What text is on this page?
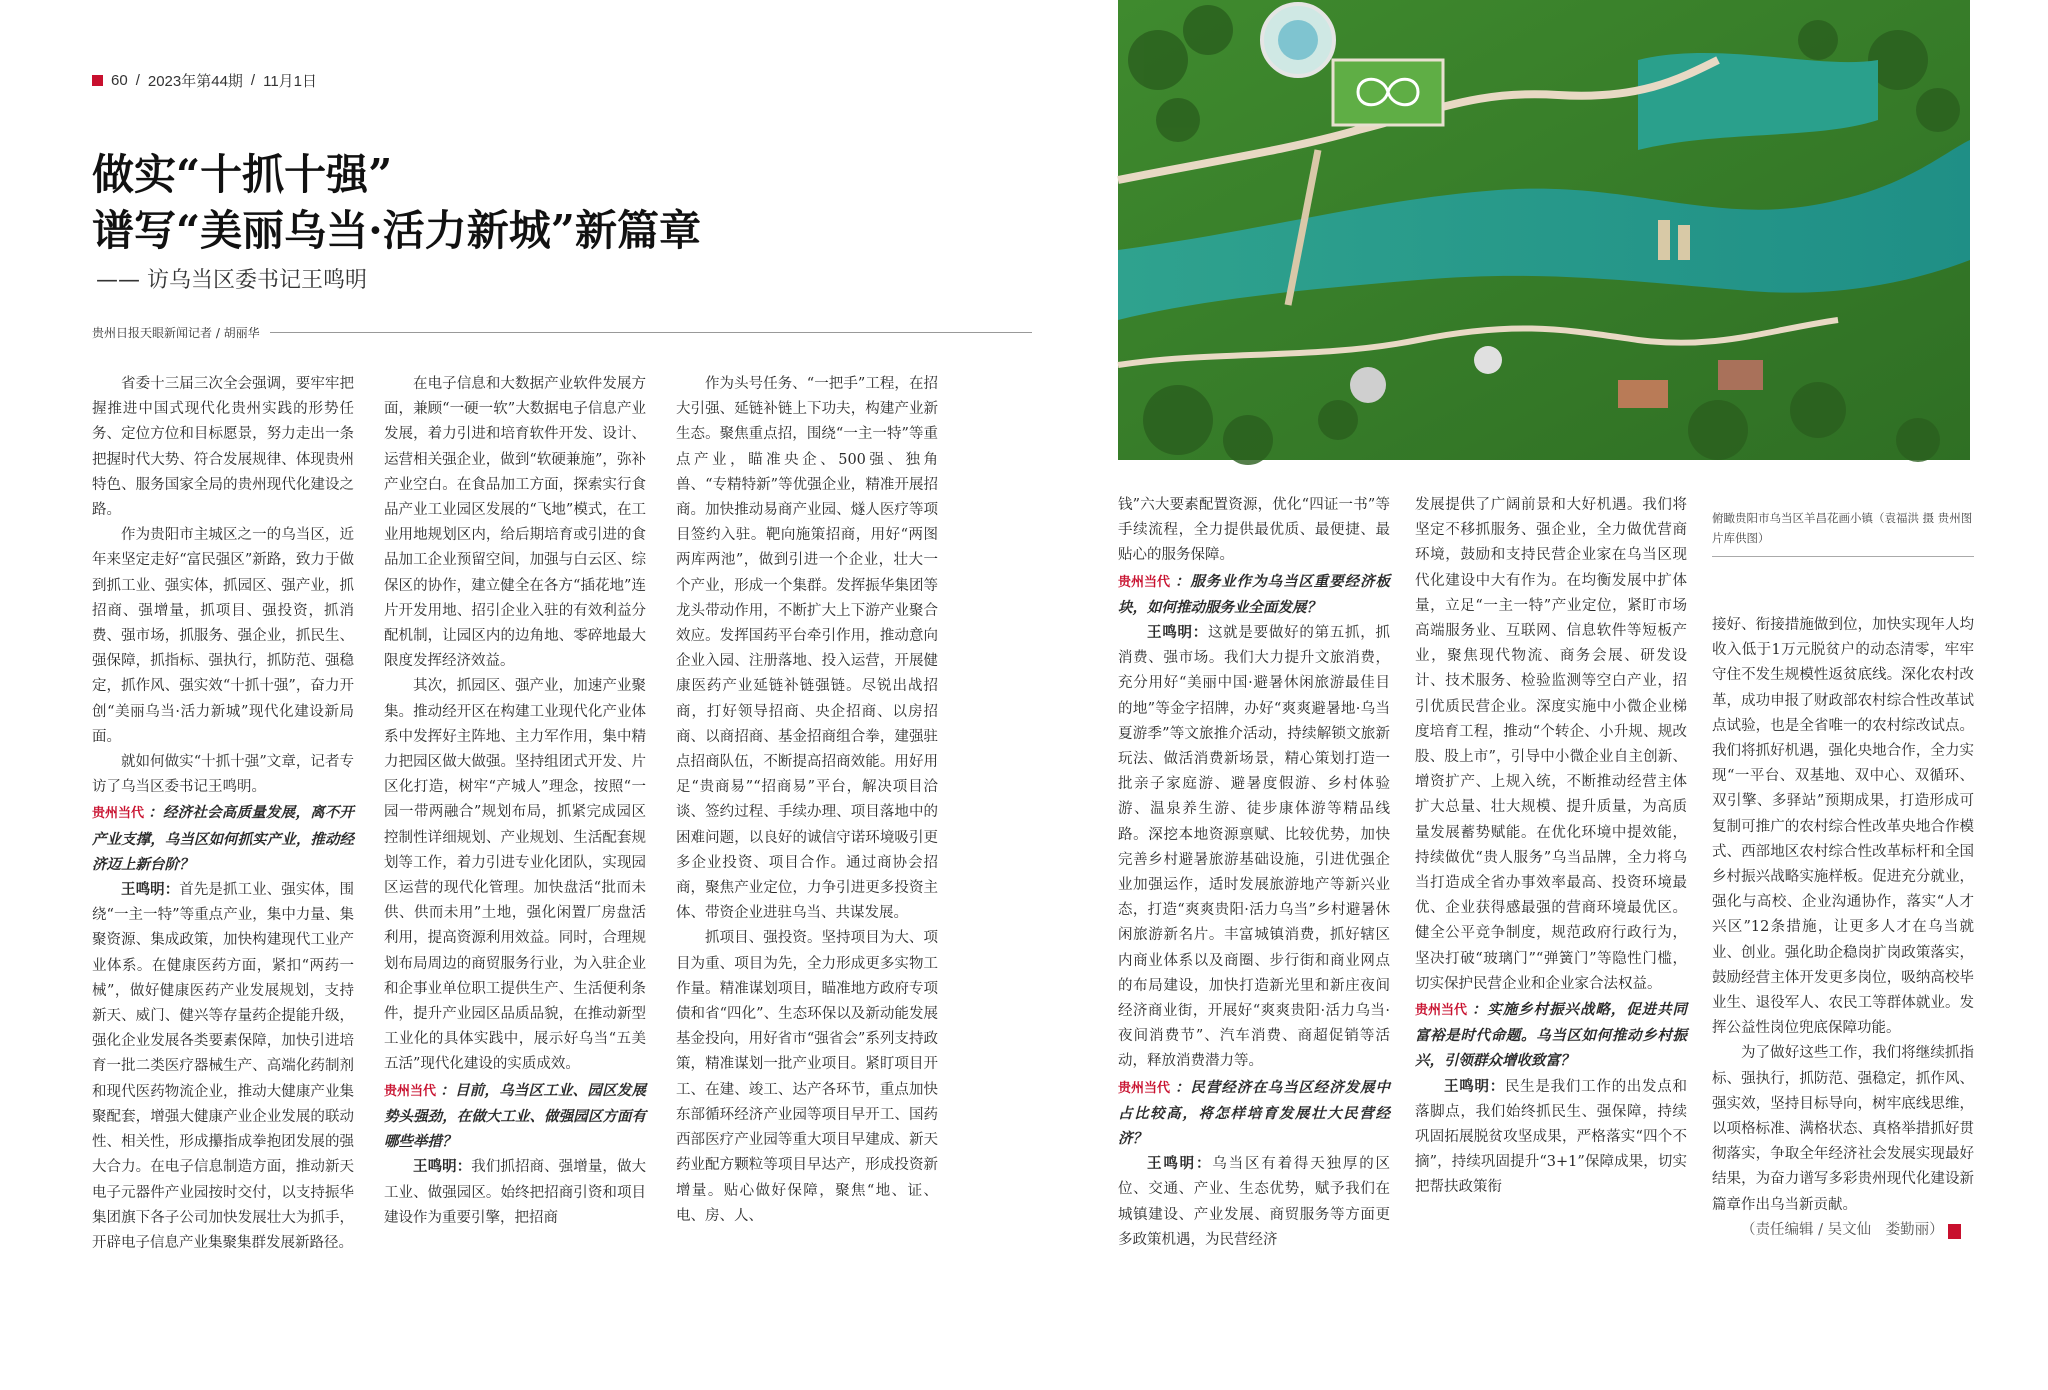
60 / 2023年第44期 / 11月1日
做实“十抓十强”
谱写“美丽乌当·活力新城”新篇章
—— 访乌当区委书记王鸣明
贵州日报天眼新闻记者 / 胡丽华

省委十三届三次全会强调，要牢牢把握推进中国式现代化贵州实践的形势任务、定位方位和目标愿景，努力走出一条把握时代大势、符合发展规律、体现贵州特色、服务国家全局的贵州现代化建设之路。

作为贵阳市主城区之一的乌当区，近年来坚定走好“富民强区”新路，致力于做到抓工业、强实体，抓园区、强产业，抓招商、强增量，抓项目、强投资，抓消费、强市场，抓服务、强企业，抓民生、强保障，抓指标、强执行，抓防范、强稳定，抓作风、强实效“十抓十强”，奋力开创“美丽乌当·活力新城”现代化建设新局面。

就如何做实“十抓十强”文章，记者专访了乌当区委书记王鸣明。

贵州当代 ：经济社会高质量发展，离不开产业支撑，乌当区如何抓实产业，推动经济迈上新台阶？

王鸣明：首先是抓工业、强实体，围绕“一主一特”等重点产业，集中力量、集聚资源、集成政策，加快构建现代工业产业体系。在健康医药方面，紧扣“两药一械”，做好健康医药产业发展规划，支持新天、威门、健兴等存量药企提能升级，强化企业发展各类要素保障，加快引进培育一批二类医疗器械生产、高端化药制剂和现代医药物流企业，推动大健康产业集聚配套，增强大健康产业企业发展的联动性、相关性，形成攥指成拳抱团发展的强大合力。在电子信息制造方面，推动新天电子元器件产业园按时交付，以支持振华集团旗下各子公司加快发展壮大为抓手，开辟电子信息产业集聚集群发展新路径。

在电子信息和大数据产业软件发展方面，兼顾“一硬一软”大数据电子信息产业发展，着力引进和培育软件开发、设计、运营相关强企业，做到“软硬兼施”，弥补产业空白。在食品加工方面，探索实行食品产业工业园区发展的“飞地”模式，在工业用地规划区内，给后期培育或引进的食品加工企业预留空间，加强与白云区、综保区的协作，建立健全在各方“插花地”连片开发用地、招引企业入驻的有效利益分配机制，让园区内的边角地、零碎地最大限度发挥经济效益。

其次，抓园区、强产业，加速产业聚集。推动经开区在构建工业现代化产业体系中发挥好主阵地、主力军作用，集中精力把园区做大做强。坚持组团式开发、片区化打造，树牢“产城人”理念，按照“一园一带两融合”规划布局，抓紧完成园区控制性详细规划、产业规划、生活配套规划等工作，着力引进专业化团队，实现园区运营的现代化管理。加快盘活“批而未供、供而未用”土地，强化闲置厂房盘活利用，提高资源利用效益。同时，合理规划布局周边的商贸服务行业，为入驻企业和企事业单位职工提供生产、生活便利条件，提升产业园区品质品貌，在推动新型工业化的具体实践中，展示好乌当“五美五活”现代化建设的实质成效。

贵州当代 ：目前，乌当区工业、园区发展势头强劲，在做大工业、做强园区方面有哪些举措？

王鸣明：我们抓招商、强增量，做大工业、做强园区。始终把招商引资和项目建设作为重要引擎，把招商

作为头号任务、“一把手”工程，在招大引强、延链补链上下功夫，构建产业新生态。聚焦重点招，围绕“一主一特”等重点产业，瞄准央企、500强、独角兽、“专精特新”等优强企业，精准开展招商。加快推动易商产业园、燧人医疗等项目签约入驻。靶向施策招商，用好“两图两库两池”，做到引进一个企业，壮大一个产业，形成一个集群。发挥振华集团等龙头带动作用，不断扩大上下游产业聚合效应。发挥国药平台牵引作用，推动意向企业入园、注册落地、投入运营，开展健康医药产业延链补链强链。尽锐出战招商，打好领导招商、央企招商、以房招商、以商招商、基金招商组合拳，建强驻点招商队伍，不断提高招商效能。用好用足“贵商易”“招商易”平台，解决项目洽谈、签约过程、手续办理、项目落地中的困难问题，以良好的诚信守诺环境吸引更多企业投资、项目合作。通过商协会招商，聚焦产业定位，力争引进更多投资主体、带资企业进驻乌当、共谋发展。

抓项目、强投资。坚持项目为大、项目为重、项目为先，全力形成更多实物工作量。精准谋划项目，瞄准地方政府专项债和省“四化”、生态环保以及新动能发展基金投向，用好省市“强省会”系列支持政策，精准谋划一批产业项目。紧盯项目开工、在建、竣工、达产各环节，重点加快东部循环经济产业园等项目早开工、国药西部医疗产业园等重大项目早建成、新天药业配方颗粒等项目早达产，形成投资新增量。贴心做好保障，聚焦“地、证、电、房、人、

钱”六大要素配置资源，优化“四证一书”等手续流程，全力提供最优质、最便捷、最贴心的服务保障。

贵州当代 ：服务业作为乌当区重要经济板块，如何推动服务业全面发展？

王鸣明：这就是要做好的第五抓，抓消费、强市场。我们大力提升文旅消费，充分用好“美丽中国·避暑休闲旅游最佳目的地”等金字招牌，办好“爽爽避暑地·乌当夏游季”等文旅推介活动，持续解锁文旅新玩法、做活消费新场景，精心策划打造一批亲子家庭游、避暑度假游、乡村体验游、温泉养生游、徒步康体游等精品线路。深挖本地资源禀赋、比较优势，加快完善乡村避暑旅游基础设施，引进优强企业加强运作，适时发展旅游地产等新兴业态，打造“爽爽贵阳·活力乌当”乡村避暑休闲旅游新名片。丰富城镇消费，抓好辖区内商业体系以及商圈、步行街和商业网点的布局建设，加快打造新光里和新庄夜间经济商业街，开展好“爽爽贵阳·活力乌当·夜间消费节”、汽车消费、商超促销等活动，释放消费潜力等。

贵州当代 ：民营经济在乌当区经济发展中占比较高，将怎样培育发展壮大民营经济？

王鸣明：乌当区有着得天独厚的区位、交通、产业、生态优势，赋予我们在城镇建设、产业发展、商贸服务等方面更多政策机遇，为民营经济

发展提供了广阔前景和大好机遇。我们将坚定不移抓服务、强企业，全力做优营商环境，鼓励和支持民营企业家在乌当区现代化建设中大有作为。在均衡发展中扩体量，立足“一主一特”产业定位，紧盯市场高端服务业、互联网、信息软件等短板产业，聚焦现代物流、商务会展、研发设计、技术服务、检验监测等空白产业，招引优质民营企业。深度实施中小微企业梯度培育工程，推动“个转企、小升规、规改股、股上市”，引导中小微企业自主创新、增资扩产、上规入统，不断推动经营主体扩大总量、壮大规模、提升质量，为高质量发展蓄势赋能。在优化环境中提效能，持续做优“贵人服务”乌当品牌，全力将乌当打造成全省办事效率最高、投资环境最优、企业获得感最强的营商环境最优区。健全公平竞争制度，规范政府行政行为，坚决打破“玻璃门”“弹簧门”等隐性门槛，切实保护民营企业和企业家合法权益。

贵州当代 ：实施乡村振兴战略，促进共同富裕是时代命题。乌当区如何推动乡村振兴，引领群众增收致富？

王鸣明：民生是我们工作的出发点和落脚点，我们始终抓民生、强保障，持续巩固拓展脱贫攻坚成果，严格落实“四个不摘”，持续巩固提升“3+1”保障成果，切实把帮扶政策衔

俯瞰贵阳市乌当区羊昌花画小镇（袁福洪 摄 贵州图片库供图）

接好、衔接措施做到位，加快实现年人均收入低于1万元脱贫户的动态清零，牢牢守住不发生规模性返贫底线。深化农村改革，成功申报了财政部农村综合性改革试点试验，也是全省唯一的农村综改试点。我们将抓好机遇，强化央地合作，全力实现“一平台、双基地、双中心、双循环、双引擎、多驿站”预期成果，打造形成可复制可推广的农村综合性改革央地合作模式、西部地区农村综合性改革标杆和全国乡村振兴战略实施样板。促进充分就业，强化与高校、企业沟通协作，落实“人才兴区”12条措施，让更多人才在乌当就业、创业。强化助企稳岗扩岗政策落实，鼓励经营主体开发更多岗位，吸纳高校毕业生、退役军人、农民工等群体就业。发挥公益性岗位兜底保障功能。

为了做好这些工作，我们将继续抓指标、强执行，抓防范、强稳定，抓作风、强实效，坚持目标导向，树牢底线思维，以项格标准、满格状态、真格举措抓好贯彻落实，争取全年经济社会发展实现最好结果，为奋力谱写多彩贵州现代化建设新篇章作出乌当新贡献。

（责任编辑 / 吴文仙　娄勤丽）	D
